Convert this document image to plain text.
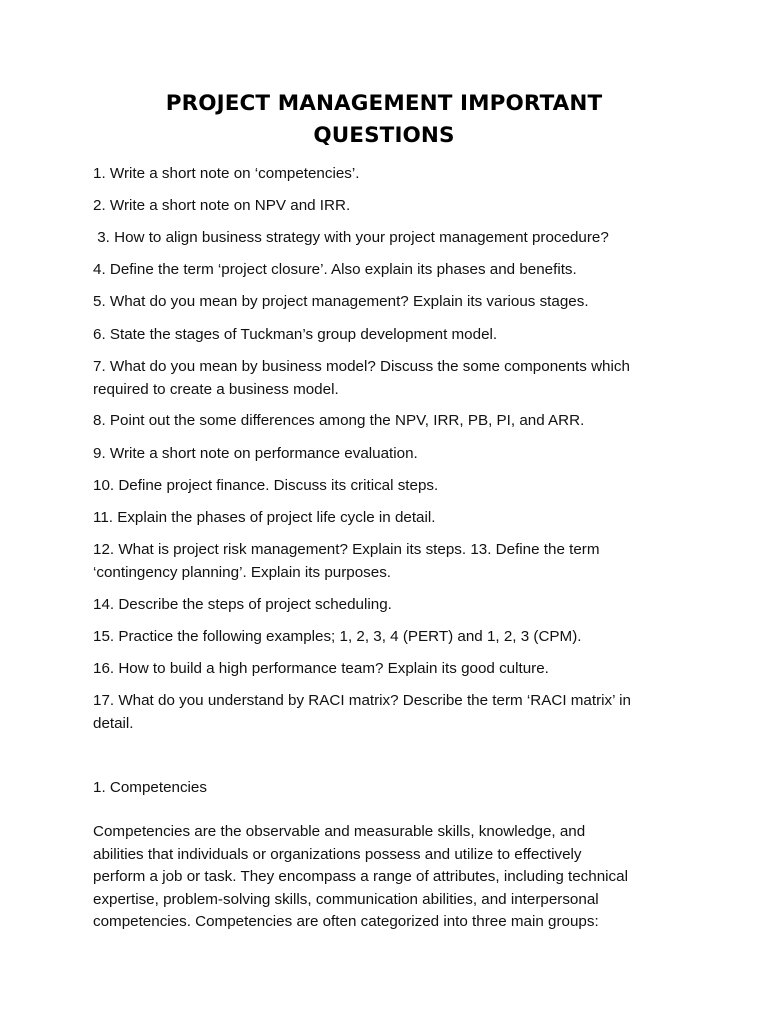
PROJECT MANAGEMENT IMPORTANT
QUESTIONS
1. Write a short note on ‘competencies’.
2. Write a short note on NPV and IRR.
3. How to align business strategy with your project management procedure?
4. Define the term ‘project closure’. Also explain its phases and benefits.
5. What do you mean by project management? Explain its various stages.
6. State the stages of Tuckman’s group development model.
7. What do you mean by business model? Discuss the some components which
required to create a business model.
8. Point out the some differences among the NPV, IRR, PB, PI, and ARR.
9. Write a short note on performance evaluation.
10. Define project finance. Discuss its critical steps.
11. Explain the phases of project life cycle in detail.
12. What is project risk management? Explain its steps. 13. Define the term
‘contingency planning’. Explain its purposes.
14. Describe the steps of project scheduling.
15. Practice the following examples; 1, 2, 3, 4 (PERT) and 1, 2, 3 (CPM).
16. How to build a high performance team? Explain its good culture.
17. What do you understand by RACI matrix? Describe the term ‘RACI matrix’ in
detail.
1. Competencies
Competencies are the observable and measurable skills, knowledge, and
abilities that individuals or organizations possess and utilize to effectively
perform a job or task. They encompass a range of attributes, including technical
expertise, problem-solving skills, communication abilities, and interpersonal
competencies. Competencies are often categorized into three main groups:
